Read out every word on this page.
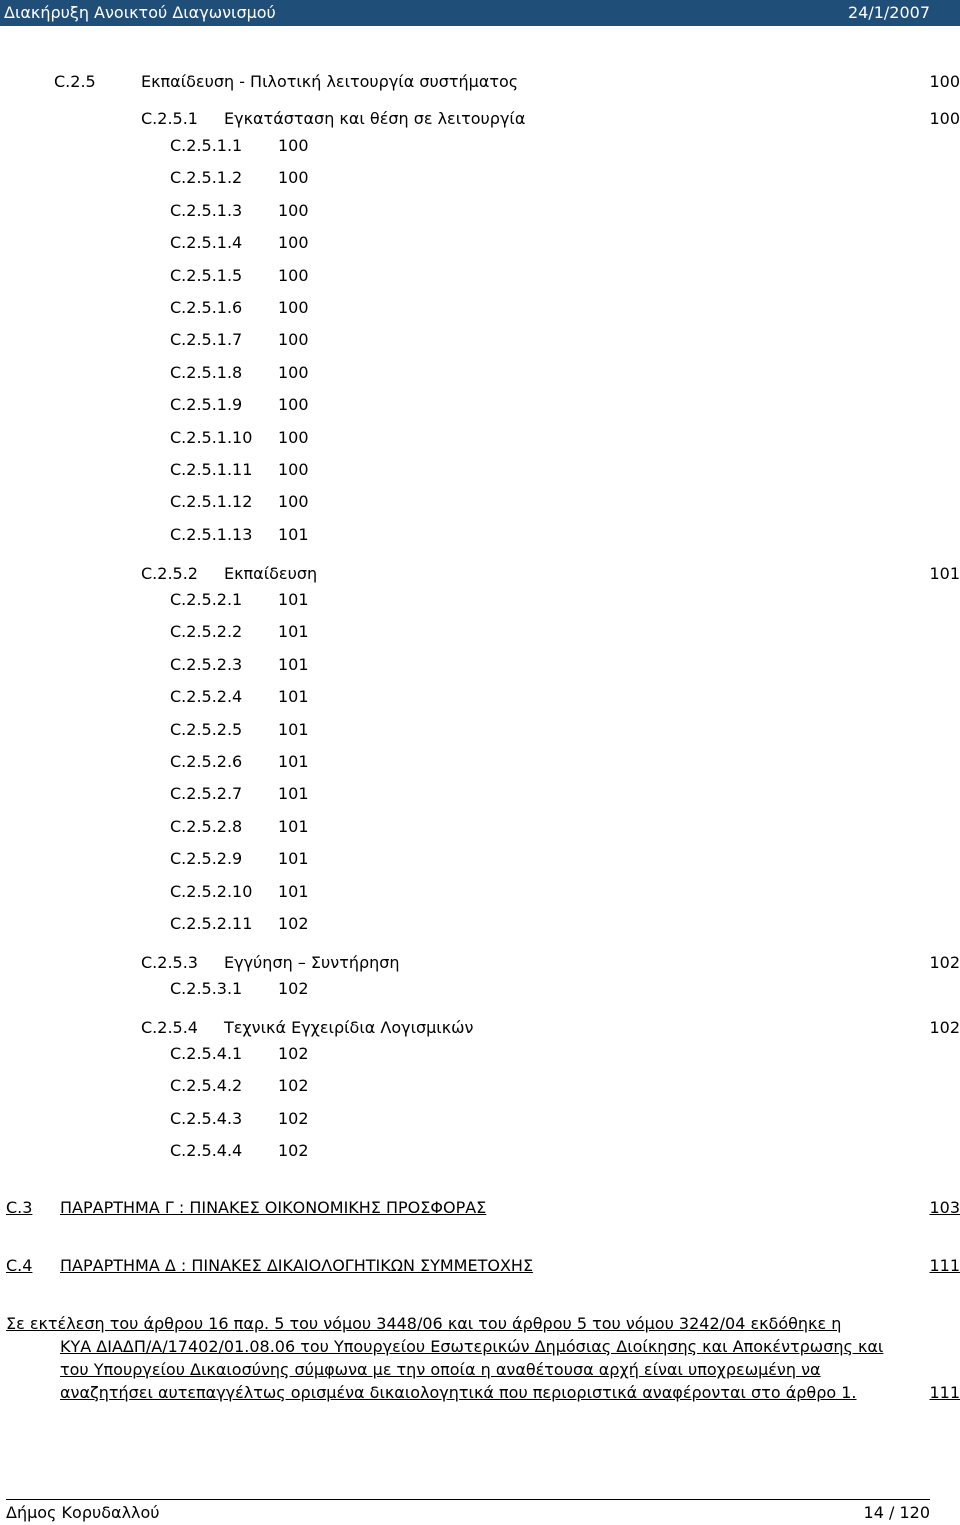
Διακήρυξη Ανοικτού Διαγωνισμού	24/1/2007
C.2.5	Εκπαίδευση - Πιλοτική λειτουργία συστήματος	100
C.2.5.1 Εγκατάσταση και θέση σε λειτουργία	100
C.2.5.1.1 100
C.2.5.1.2 100
C.2.5.1.3 100
C.2.5.1.4 100
C.2.5.1.5 100
C.2.5.1.6 100
C.2.5.1.7 100
C.2.5.1.8 100
C.2.5.1.9 100
C.2.5.1.10 100
C.2.5.1.11 100
C.2.5.1.12 100
C.2.5.1.13 101
C.2.5.2 Εκπαίδευση	101
C.2.5.2.1 101
C.2.5.2.2 101
C.2.5.2.3 101
C.2.5.2.4 101
C.2.5.2.5 101
C.2.5.2.6 101
C.2.5.2.7 101
C.2.5.2.8 101
C.2.5.2.9 101
C.2.5.2.10 101
C.2.5.2.11 102
C.2.5.3 Εγγύηση – Συντήρηση	102
C.2.5.3.1 102
C.2.5.4 Τεχνικά Εγχειρίδια Λογισμικών	102
C.2.5.4.1 102
C.2.5.4.2 102
C.2.5.4.3 102
C.2.5.4.4 102
C.3 ΠΑΡΑΡΤΗΜΑ Γ : ΠΙΝΑΚΕΣ ΟΙΚΟΝΟΜΙΚΗΣ ΠΡΟΣΦΟΡΑΣ	103
C.4 ΠΑΡΑΡΤΗΜΑ Δ : ΠΙΝΑΚΕΣ ΔΙΚΑΙΟΛΟΓΗΤΙΚΩΝ ΣΥΜΜΕΤΟΧΗΣ	111
Σε εκτέλεση του άρθρου 16 παρ. 5 του νόμου 3448/06 και του άρθρου 5 του νόμου 3242/04 εκδόθηκε η
ΚΥΑ ΔΙΑΔΠ/Α/17402/01.08.06 του Υπουργείου Εσωτερικών Δημόσιας Διοίκησης και Αποκέντρωσης και
του Υπουργείου Δικαιοσύνης σύμφωνα με την οποία η αναθέτουσα αρχή είναι υποχρεωμένη να
αναζητήσει αυτεπαγγέλτως ορισμένα δικαιολογητικά που περιοριστικά αναφέρονται στο άρθρο 1.	111
Δήμος Κορυδαλλού	14 / 120
